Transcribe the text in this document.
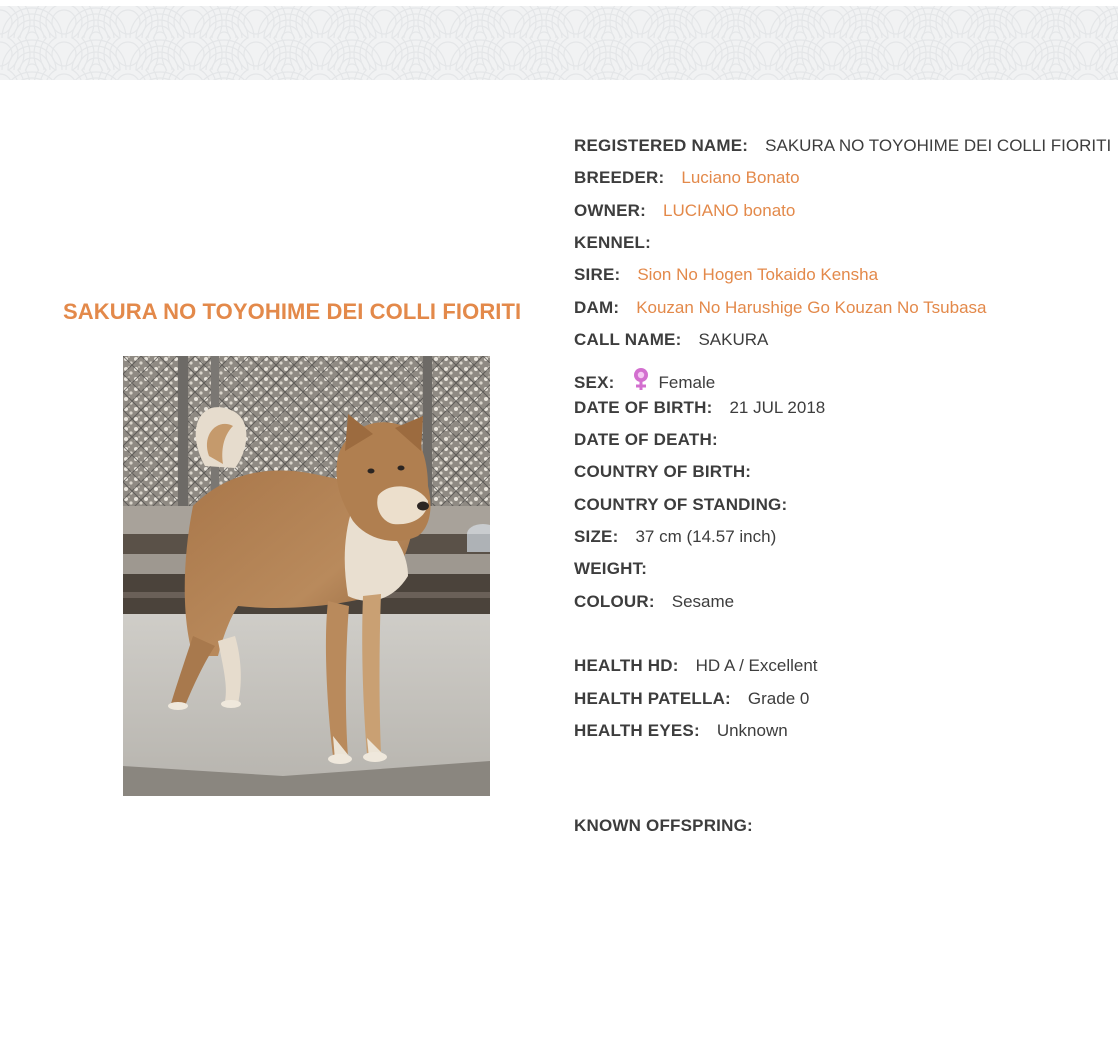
SAKURA NO TOYOHIME DEI COLLI FIORITI
REGISTERED NAME: SAKURA NO TOYOHIME DEI COLLI FIORITI
BREEDER: Luciano Bonato
OWNER: LUCIANO bonato
KENNEL:
SIRE: Sion No Hogen Tokaido Kensha
DAM: Kouzan No Harushige Go Kouzan No Tsubasa
CALL NAME: SAKURA
SEX:	Female
DATE OF BIRTH: 21 JUL 2018
DATE OF DEATH:
COUNTRY OF BIRTH:
COUNTRY OF STANDING:
SIZE: 37 cm (14.57 inch)
WEIGHT:
COLOUR: Sesame
HEALTH HD: HD A / Excellent
HEALTH PATELLA: Grade 0
HEALTH EYES: Unknown
KNOWN OFFSPRING:
